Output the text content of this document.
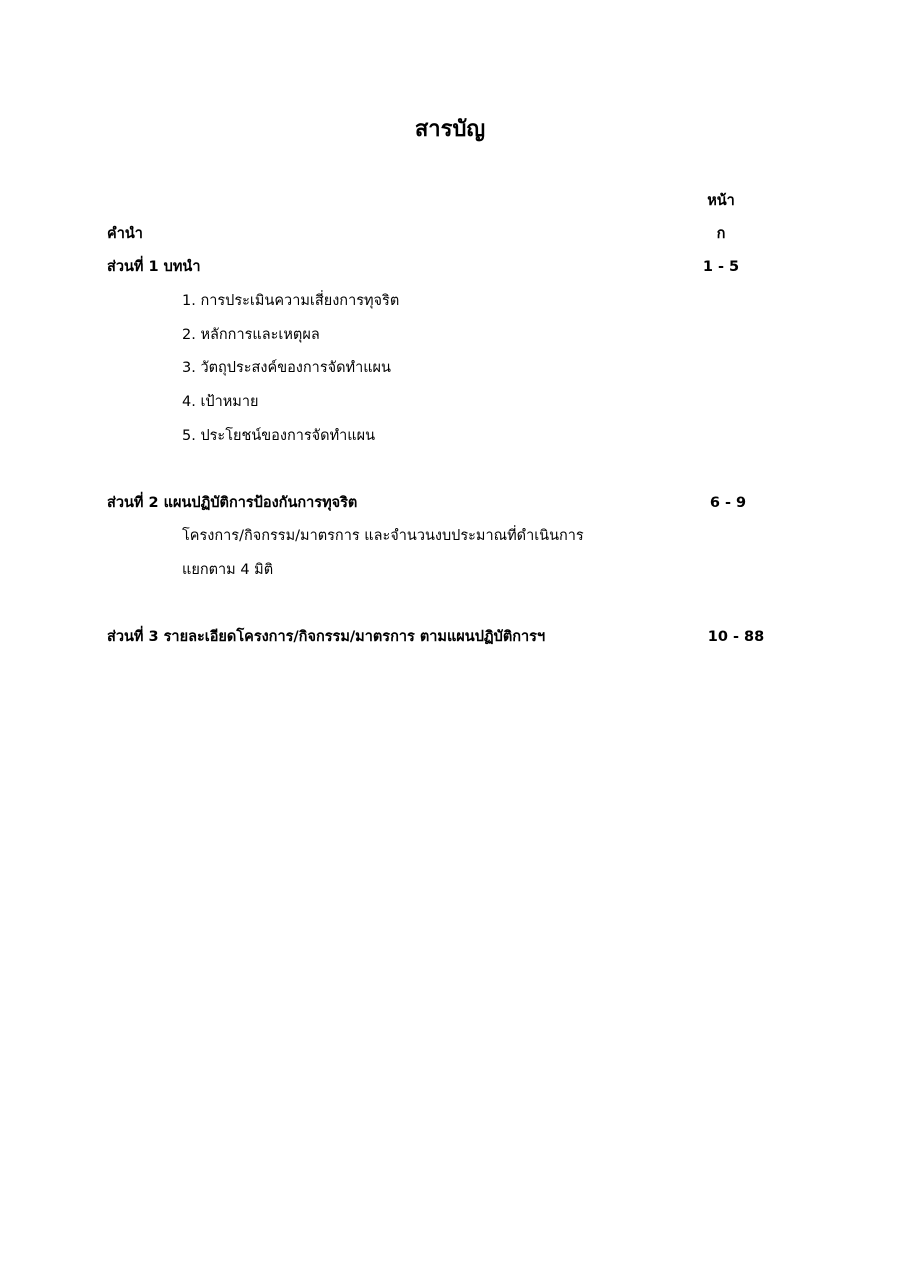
สารบัญ
หน้า
คำนำ	ก
ส่วนที่ 1 บทนำ	1 - 5
1. การประเมินความเสี่ยงการทุจริต
2. หลักการและเหตุผล
3. วัตถุประสงค์ของการจัดทำแผน
4. เป้าหมาย
5. ประโยชน์ของการจัดทำแผน
ส่วนที่ 2 แผนปฏิบัติการป้องกันการทุจริต	6 - 9
โครงการ/กิจกรรม/มาตรการ และจำนวนงบประมาณที่ดำเนินการ
แยกตาม 4 มิติ
ส่วนที่ 3 รายละเอียดโครงการ/กิจกรรม/มาตรการ ตามแผนปฏิบัติการฯ	10 - 88
